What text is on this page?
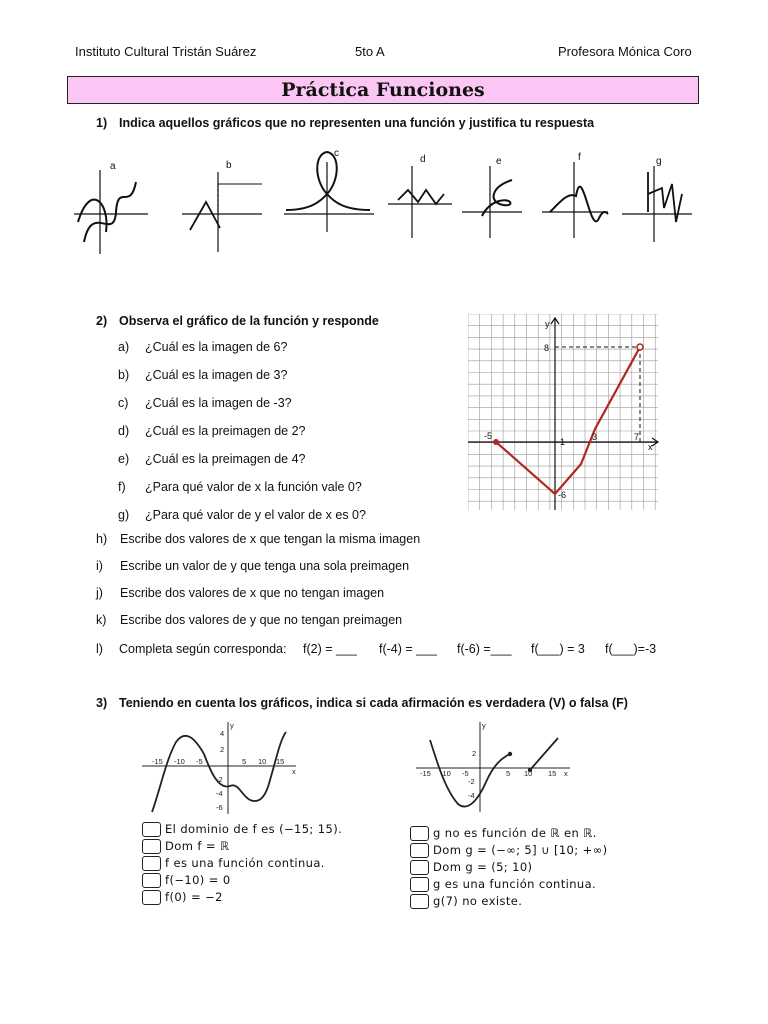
Instituto Cultural Tristán Suárez	5to A	Profesora Mónica Coro
Práctica Funciones
1) Indica aquellos gráficos que no representen una función y justifica tu respuesta
a	b
c
d	e	f	g
2) Observa el gráfico de la función y responde
a)	¿Cuál es la imagen de 6?
b)	¿Cuál es la imagen de 3?
c)	¿Cuál es la imagen de -3?
d)	¿Cuál es la preimagen de 2?
e)	¿Cuál es la preimagen de 4?
f)	¿Para qué valor de x la función vale 0?
g)	¿Para qué valor de y el valor de x es 0?
h)	Escribe dos valores de x que tengan la misma imagen
i)	Escribe un valor de y que tenga una sola preimagen
j)	Escribe dos valores de x que no tengan imagen
k)	Escribe dos valores de y que no tengan preimagen
l) Completa según corresponda: f(2) = ___ f(-4) = ___ f(-6) =___ f(___) = 3 f(___)=-3
y
8
-5
-1	3	7
x
-6
3) Teniendo en cuenta los gráficos, indica si cada afirmación es verdadera (V) o falsa (F)
-15 -10 -5	5 10 15
x
y
4
2
-2
-4
-6
-15 -10 -5	5 10 15 x
y
2
-2
-4
El dominio de f es (−15; 15).
Dom f = ℝ
f es una función continua.
f(−10) = 0
f(0) = −2
g no es función de ℝ en ℝ.
Dom g = (−∞; 5] ∪ [10; +∞)
Dom g = (5; 10)
g es una función continua.
g(7) no existe.
